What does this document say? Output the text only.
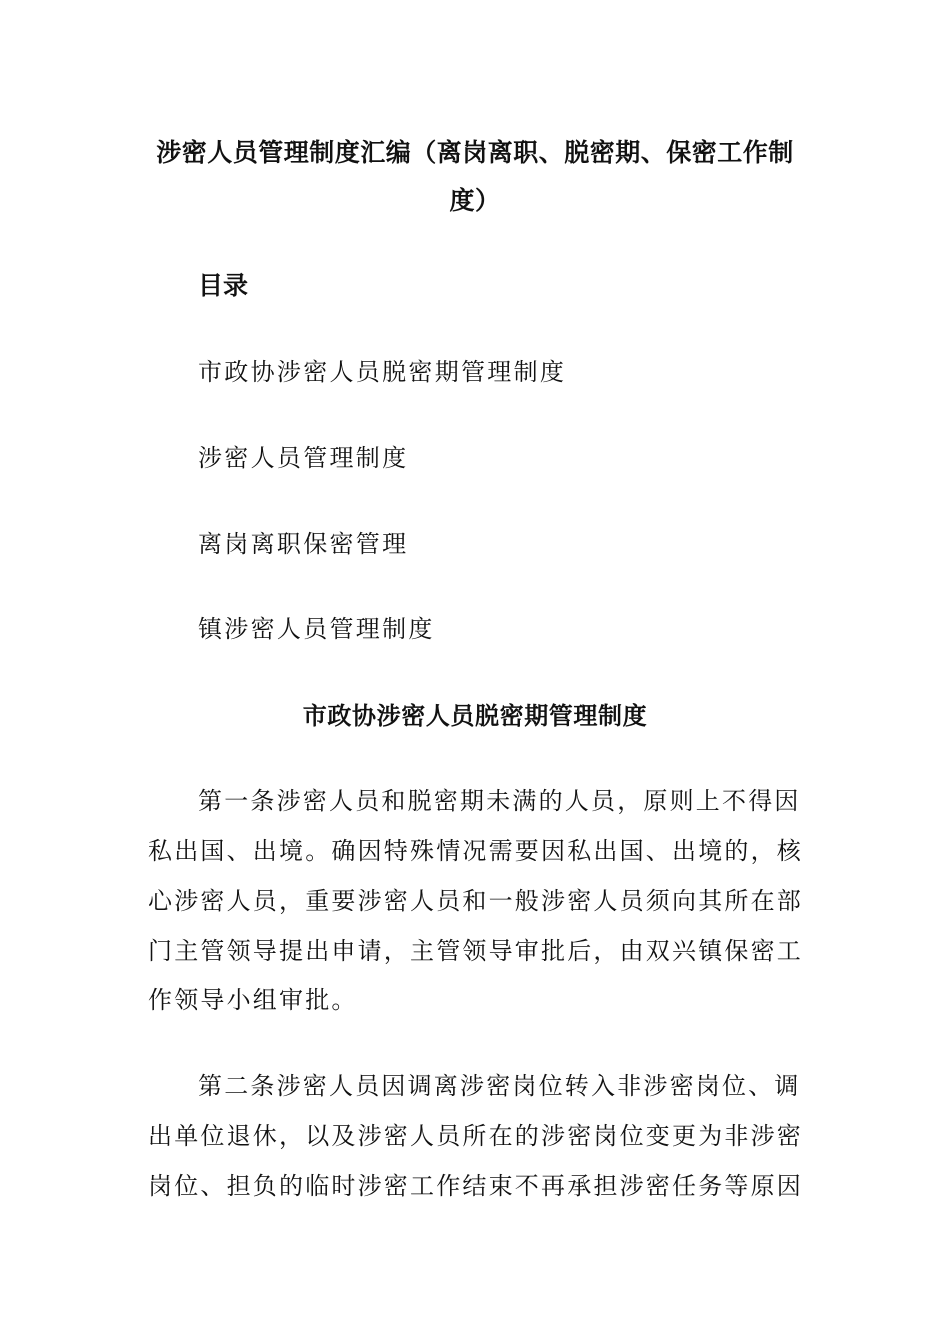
涉密人员管理制度汇编（离岗离职、脱密期、保密工作制
度）
目录

市政协涉密人员脱密期管理制度

涉密人员管理制度

离岗离职保密管理

镇涉密人员管理制度

市政协涉密人员脱密期管理制度

第一条涉密人员和脱密期未满的人员，原则上不得因

私出国、出境。确因特殊情况需要因私出国、出境的，核

心涉密人员，重要涉密人员和一般涉密人员须向其所在部

门主管领导提出申请，主管领导审批后，由双兴镇保密工

作领导小组审批。

第二条涉密人员因调离涉密岗位转入非涉密岗位、调

出单位退休，以及涉密人员所在的涉密岗位变更为非涉密

岗位、担负的临时涉密工作结束不再承担涉密任务等原因
